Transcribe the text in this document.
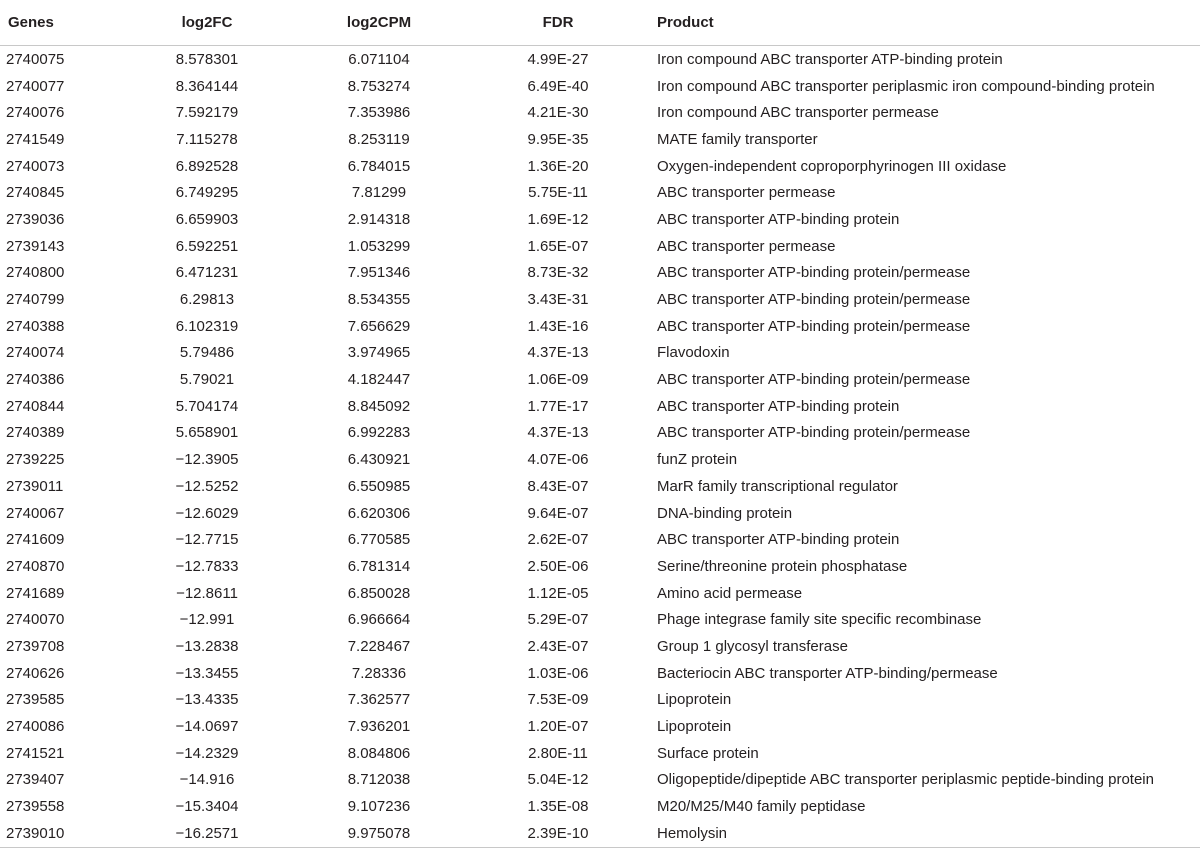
Genes	log2FC	log2CPM	FDR	Product
2740075	8.578301	6.071104	4.99E-27	Iron compound ABC transporter ATP-binding protein
2740077	8.364144	8.753274	6.49E-40	Iron compound ABC transporter periplasmic iron compound-binding protein
2740076	7.592179	7.353986	4.21E-30	Iron compound ABC transporter permease
2741549	7.115278	8.253119	9.95E-35	MATE family transporter
2740073	6.892528	6.784015	1.36E-20	Oxygen-independent coproporphyrinogen III oxidase
2740845	6.749295	7.81299	5.75E-11	ABC transporter permease
2739036	6.659903	2.914318	1.69E-12	ABC transporter ATP-binding protein
2739143	6.592251	1.053299	1.65E-07	ABC transporter permease
2740800	6.471231	7.951346	8.73E-32	ABC transporter ATP-binding protein/permease
2740799	6.29813	8.534355	3.43E-31	ABC transporter ATP-binding protein/permease
2740388	6.102319	7.656629	1.43E-16	ABC transporter ATP-binding protein/permease
2740074	5.79486	3.974965	4.37E-13	Flavodoxin
2740386	5.79021	4.182447	1.06E-09	ABC transporter ATP-binding protein/permease
2740844	5.704174	8.845092	1.77E-17	ABC transporter ATP-binding protein
2740389	5.658901	6.992283	4.37E-13	ABC transporter ATP-binding protein/permease
2739225	−12.3905	6.430921	4.07E-06	funZ protein
2739011	−12.5252	6.550985	8.43E-07	MarR family transcriptional regulator
2740067	−12.6029	6.620306	9.64E-07	DNA-binding protein
2741609	−12.7715	6.770585	2.62E-07	ABC transporter ATP-binding protein
2740870	−12.7833	6.781314	2.50E-06	Serine/threonine protein phosphatase
2741689	−12.8611	6.850028	1.12E-05	Amino acid permease
2740070	−12.991	6.966664	5.29E-07	Phage integrase family site specific recombinase
2739708	−13.2838	7.228467	2.43E-07	Group 1 glycosyl transferase
2740626	−13.3455	7.28336	1.03E-06	Bacteriocin ABC transporter ATP-binding/permease
2739585	−13.4335	7.362577	7.53E-09	Lipoprotein
2740086	−14.0697	7.936201	1.20E-07	Lipoprotein
2741521	−14.2329	8.084806	2.80E-11	Surface protein
2739407	−14.916	8.712038	5.04E-12	Oligopeptide/dipeptide ABC transporter periplasmic peptide-binding protein
2739558	−15.3404	9.107236	1.35E-08	M20/M25/M40 family peptidase
2739010	−16.2571	9.975078	2.39E-10	Hemolysin
